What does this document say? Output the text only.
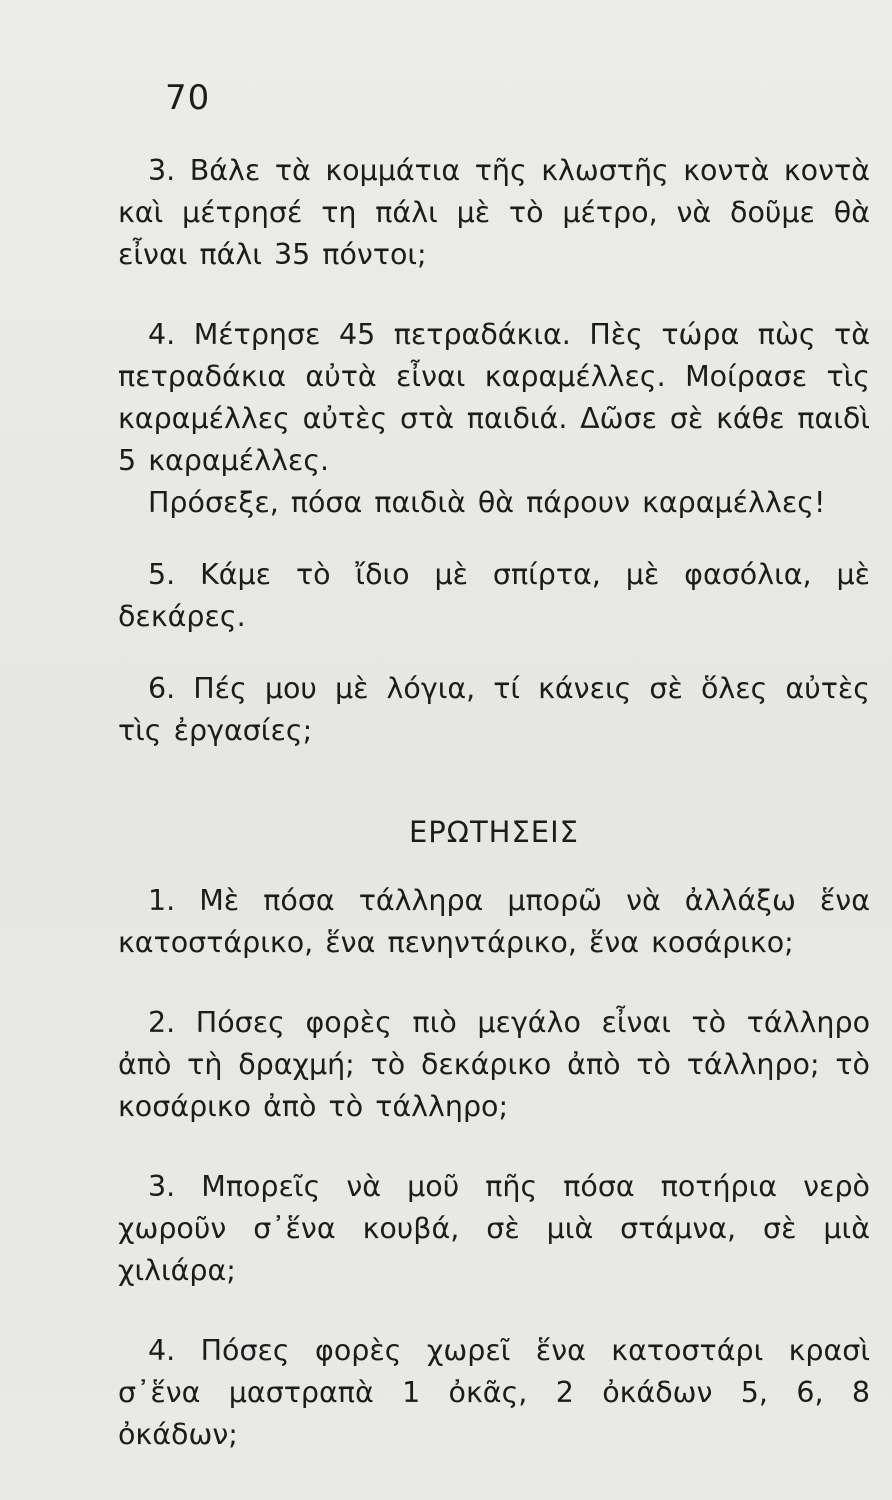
70

3. Βάλε τὰ κομμάτια τῆς κλωστῆς κοντὰ κοντὰ καὶ μέτρησέ τη πάλι μὲ τὸ μέτρο, νὰ δοῦμε θὰ εἶναι πάλι 35 πόντοι;

4. Μέτρησε 45 πετραδάκια. Πὲς τώρα πὼς τὰ πετραδάκια αὐτὰ εἶναι καραμέλλες. Μοίρασε τὶς καραμέλλες αὐτὲς στὰ παιδιά. Δῶσε σὲ κάθε παιδὶ 5 καραμέλλες.

Πρόσεξε, πόσα παιδιὰ θὰ πάρουν καραμέλλες!

5. Κάμε τὸ ἴδιο μὲ σπίρτα, μὲ φασόλια, μὲ δεκάρες.

6. Πές μου μὲ λόγια, τί κάνεις σὲ ὅλες αὐτὲς τὶς ἐργασίες;

ΕΡΩΤΗΣΕΙΣ

1. Μὲ πόσα τάλληρα μπορῶ νὰ ἀλλάξω ἕνα κατοστάρικο, ἕνα πενηντάρικο, ἕνα κοσάρικο;

2. Πόσες φορὲς πιὸ μεγάλο εἶναι τὸ τάλληρο ἀπὸ τὴ δραχμή; τὸ δεκάρικο ἀπὸ τὸ τάλληρο; τὸ κοσάρικο ἀπὸ τὸ τάλληρο;

3. Μπορεῖς νὰ μοῦ πῆς πόσα ποτήρια νερὸ χωροῦν σ᾽ἕνα κουβά, σὲ μιὰ στάμνα, σὲ μιὰ χιλιάρα;

4. Πόσες φορὲς χωρεῖ ἕνα κατοστάρι κρασὶ σ᾽ἕνα μαστραπὰ 1 ὀκᾶς, 2 ὀκάδων 5, 6, 8 ὀκάδων;
